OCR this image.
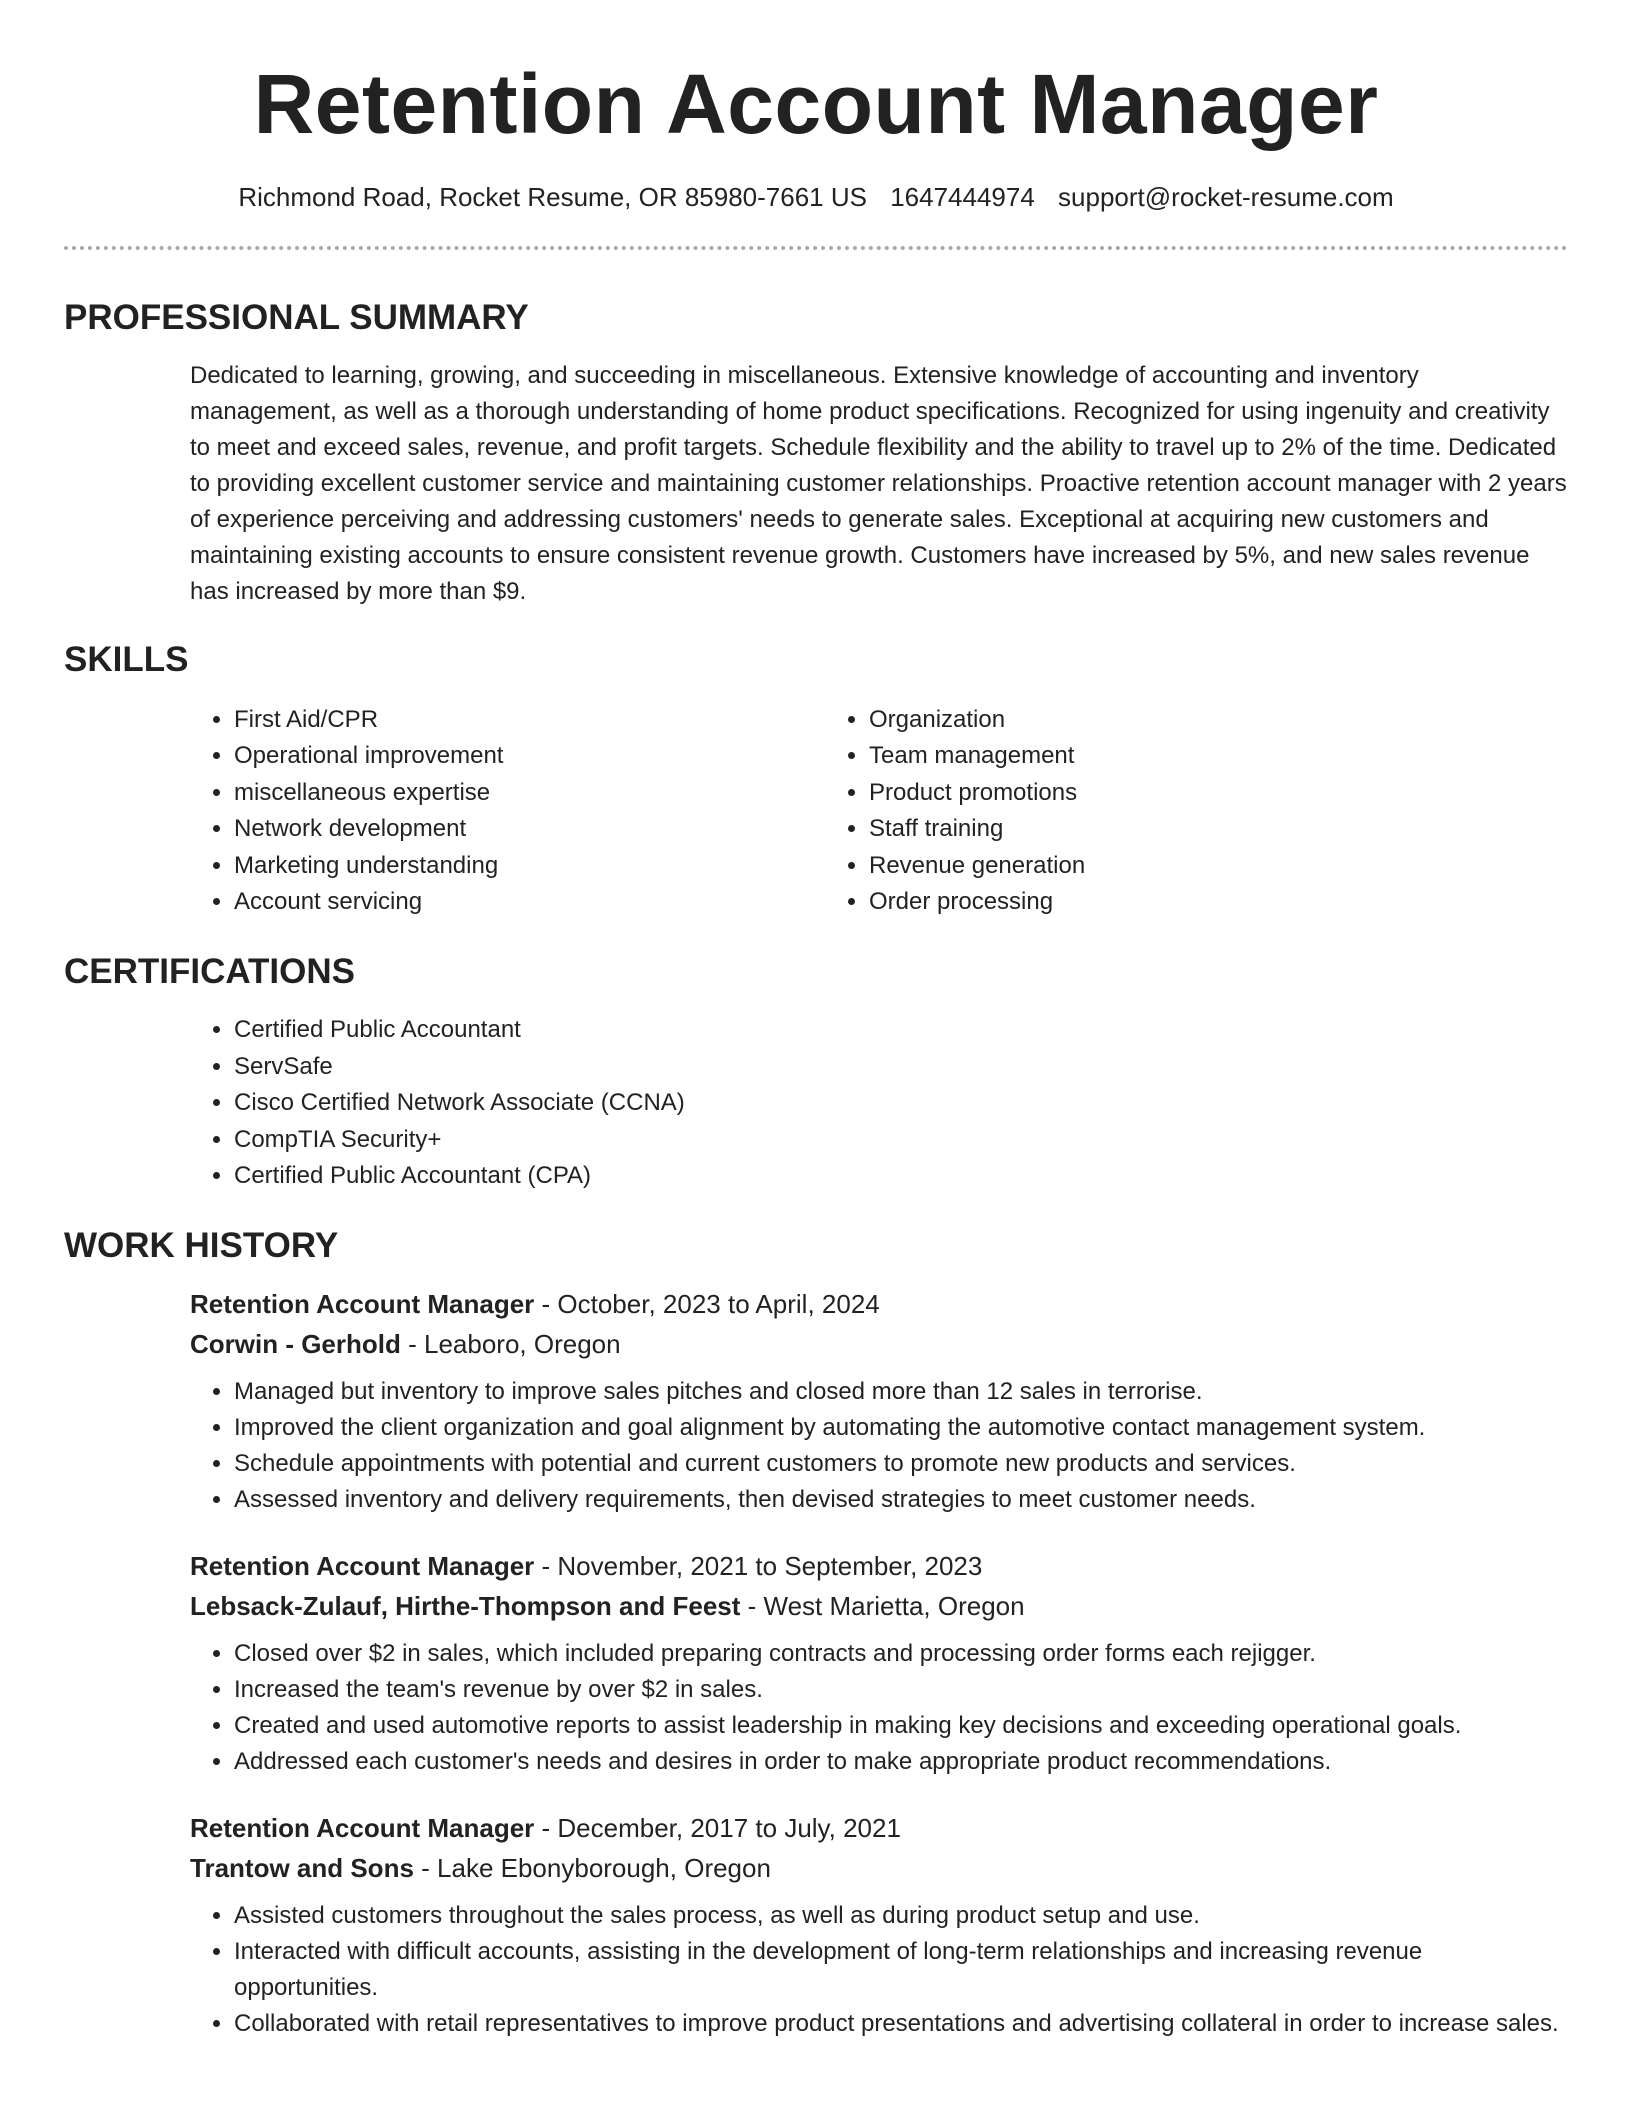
Retention Account Manager
Richmond Road, Rocket Resume, OR 85980-7661 US 1647444974 support@rocket-resume.com
PROFESSIONAL SUMMARY

Dedicated to learning, growing, and succeeding in miscellaneous. Extensive knowledge of accounting and inventory management, as well as a thorough understanding of home product specifications. Recognized for using ingenuity and creativity to meet and exceed sales, revenue, and profit targets. Schedule flexibility and the ability to travel up to 2% of the time. Dedicated to providing excellent customer service and maintaining customer relationships. Proactive retention account manager with 2 years of experience perceiving and addressing customers' needs to generate sales. Exceptional at acquiring new customers and maintaining existing accounts to ensure consistent revenue growth. Customers have increased by 5%, and new sales revenue has increased by more than $9.

SKILLS
• First Aid/CPR
• Operational improvement
• miscellaneous expertise
• Network development
• Marketing understanding
• Account servicing
• Organization
• Team management
• Product promotions
• Staff training
• Revenue generation
• Order processing
CERTIFICATIONS
• Certified Public Accountant
• ServSafe
• Cisco Certified Network Associate (CCNA)
• CompTIA Security+
• Certified Public Accountant (CPA)
WORK HISTORY
Retention Account Manager - October, 2023 to April, 2024
Corwin - Gerhold - Leaboro, Oregon
• Managed but inventory to improve sales pitches and closed more than 12 sales in terrorise.
• Improved the client organization and goal alignment by automating the automotive contact management system.
• Schedule appointments with potential and current customers to promote new products and services.
• Assessed inventory and delivery requirements, then devised strategies to meet customer needs.
Retention Account Manager - November, 2021 to September, 2023
Lebsack-Zulauf, Hirthe-Thompson and Feest - West Marietta, Oregon
• Closed over $2 in sales, which included preparing contracts and processing order forms each rejigger.
• Increased the team's revenue by over $2 in sales.
• Created and used automotive reports to assist leadership in making key decisions and exceeding operational goals.
• Addressed each customer's needs and desires in order to make appropriate product recommendations.
Retention Account Manager - December, 2017 to July, 2021
Trantow and Sons - Lake Ebonyborough, Oregon
• Assisted customers throughout the sales process, as well as during product setup and use.
• Interacted with difficult accounts, assisting in the development of long-term relationships and increasing revenue opportunities.
• Collaborated with retail representatives to improve product presentations and advertising collateral in order to increase sales.
